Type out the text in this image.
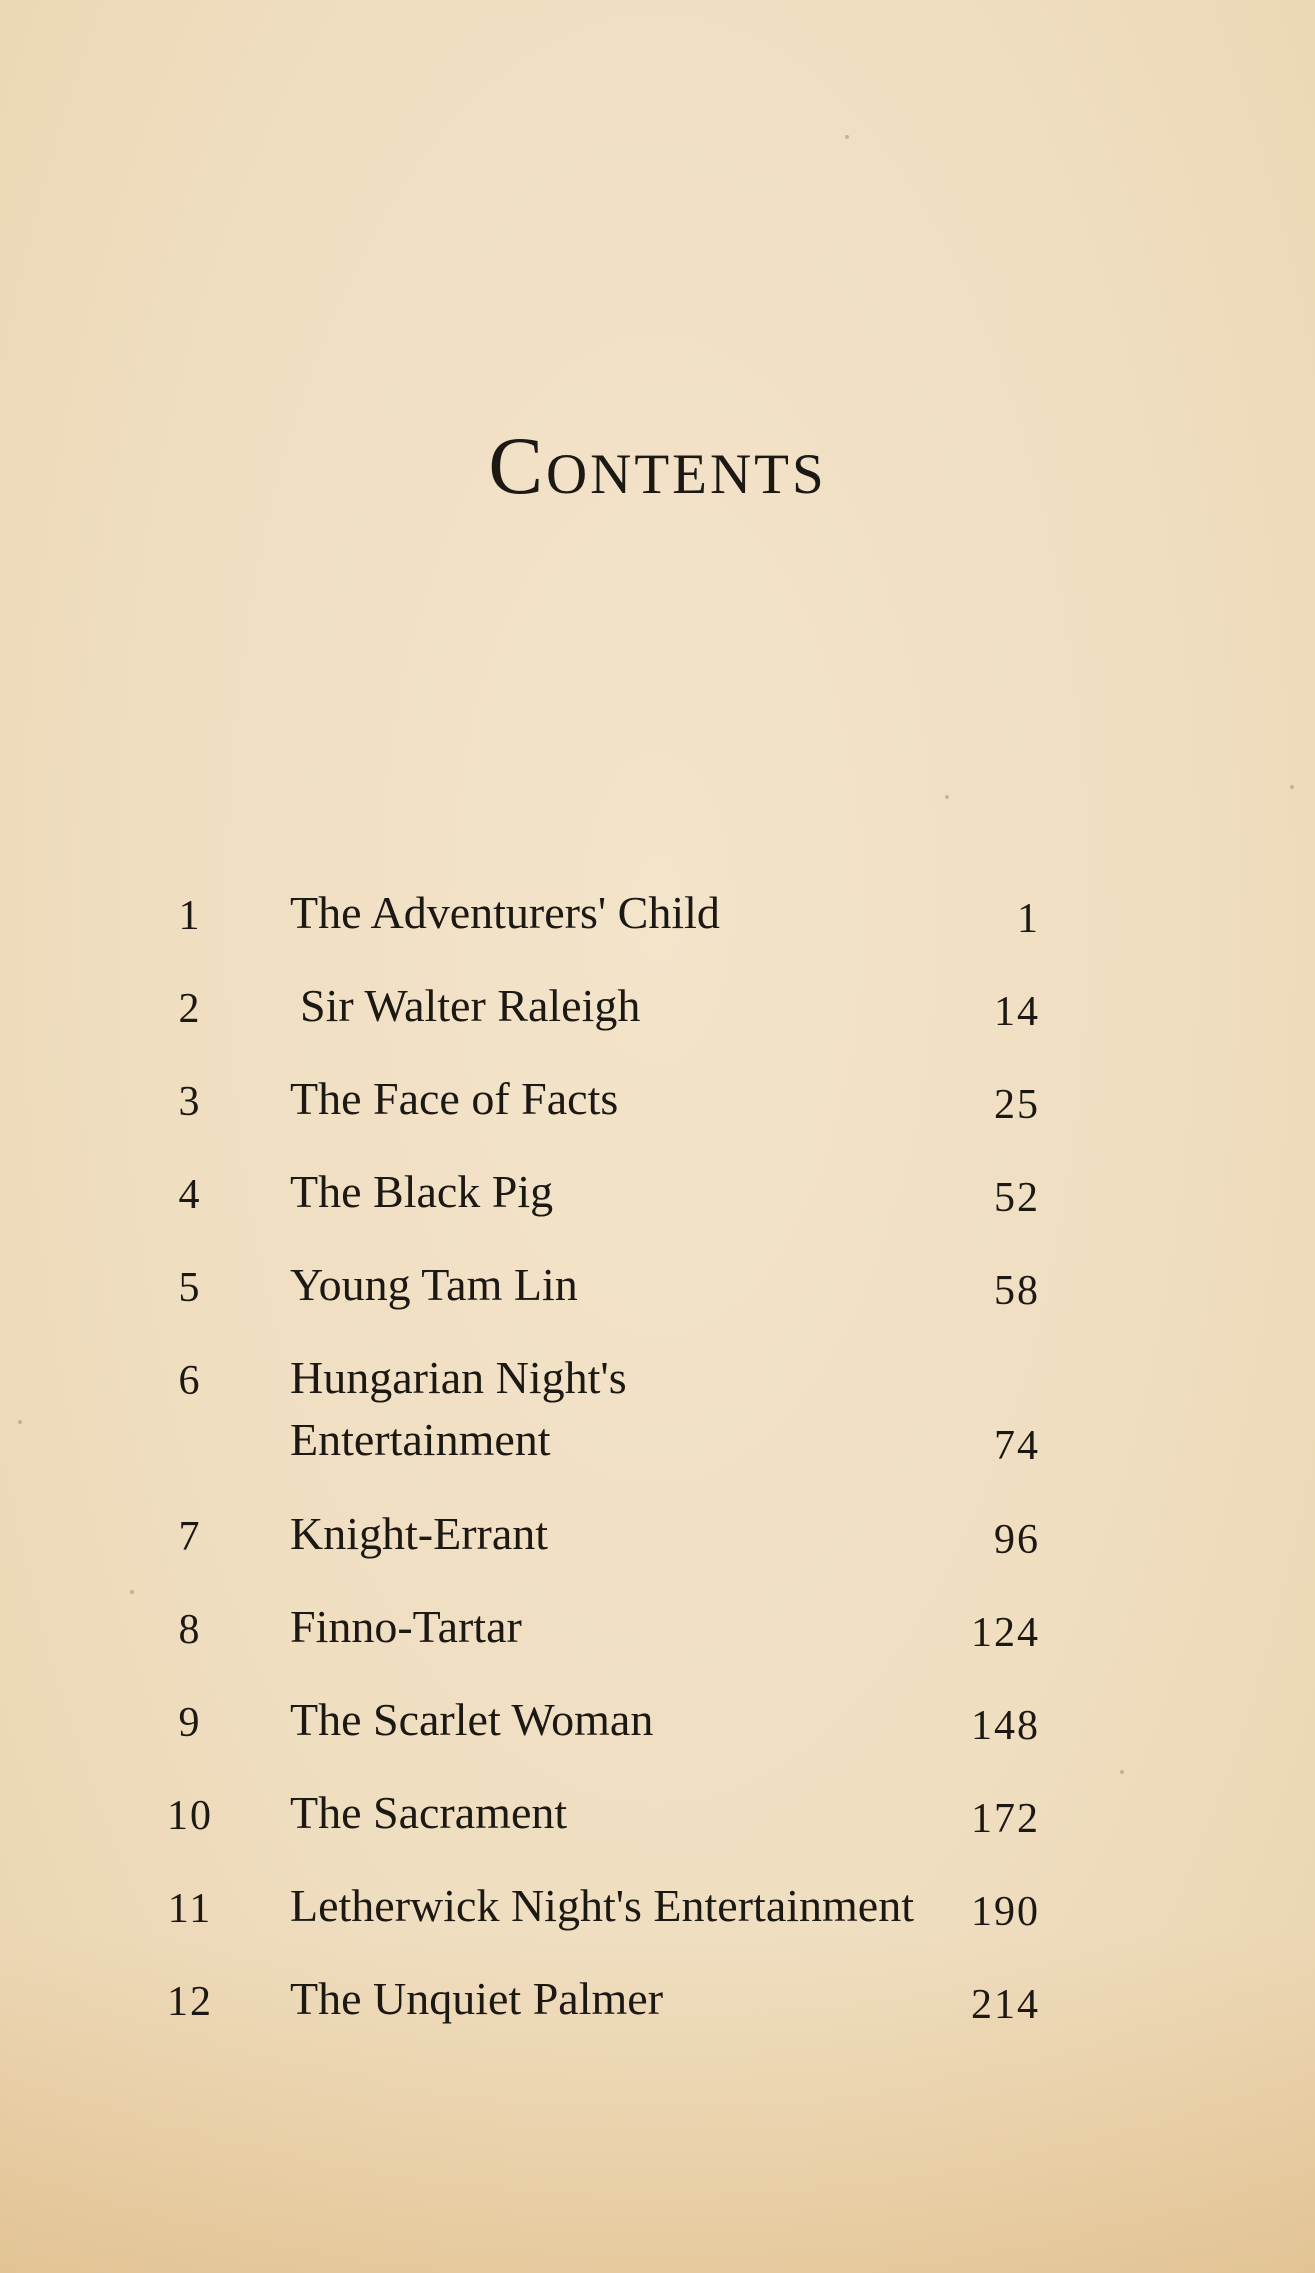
Contents
1	The Adventurers' Child	1
2	Sir Walter Raleigh	14
3	The Face of Facts	25
4	The Black Pig	52
5	Young Tam Lin	58
6	Hungarian Night's Entertainment	74
7	Knight-Errant	96
8	Finno-Tartar	124
9	The Scarlet Woman	148
10	The Sacrament	172
11	Letherwick Night's Entertainment	190
12	The Unquiet Palmer	214
